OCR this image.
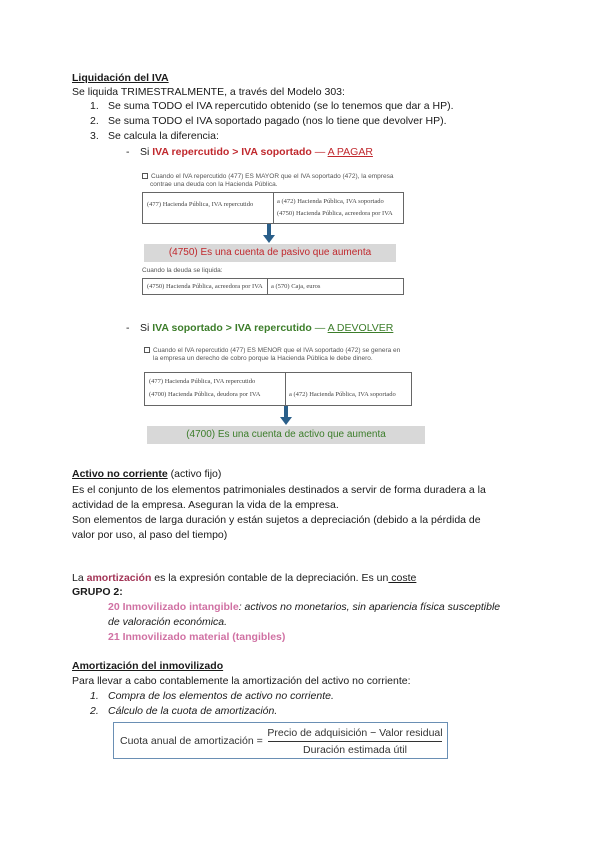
Liquidación del IVA
Se liquida TRIMESTRALMENTE, a través del Modelo 303:
1. Se suma TODO el IVA repercutido obtenido (se lo tenemos que dar a HP).
2. Se suma TODO el IVA soportado pagado (nos lo tiene que devolver HP).
3. Se calcula la diferencia:
- Si IVA repercutido > IVA soportado — A PAGAR
Cuando el IVA repercutido (477) ES MAYOR que el IVA soportado (472), la empresa
contrae una deuda con la Hacienda Pública.
(477) Hacienda Pública, IVA repercutido	a (472) Hacienda Pública, IVA soportado
(4750) Hacienda Pública, acreedora por IVA
(4750) Es una cuenta de pasivo que aumenta
Cuando la deuda se liquida:
(4750) Hacienda Pública, acreedora por IVA a (570) Caja, euros
- Si IVA soportado > IVA repercutido — A DEVOLVER
Cuando el IVA repercutido (477) ES MENOR que el IVA soportado (472) se genera en
la empresa un derecho de cobro porque la Hacienda Pública le debe dinero.
(477) Hacienda Pública, IVA repercutido
(4700) Hacienda Pública, deudora por IVA	a (472) Hacienda Pública, IVA soportado
(4700) Es una cuenta de activo que aumenta
Activo no corriente (activo fijo)
Es el conjunto de los elementos patrimoniales destinados a servir de forma duradera a la
actividad de la empresa. Aseguran la vida de la empresa.
Son elementos de larga duración y están sujetos a depreciación (debido a la pérdida de
valor por uso, al paso del tiempo)
La amortización es la expresión contable de la depreciación. Es un coste
GRUPO 2:
20 Inmovilizado intangible: activos no monetarios, sin apariencia física susceptible
de valoración económica.
21 Inmovilizado material (tangibles)
Amortización del inmovilizado
Para llevar a cabo contablemente la amortización del activo no corriente:
1. Compra de los elementos de activo no corriente.
2. Cálculo de la cuota de amortización.
Cuota anual de amortización =
Precio de adquisición − Valor residual
Duración estimada útil
